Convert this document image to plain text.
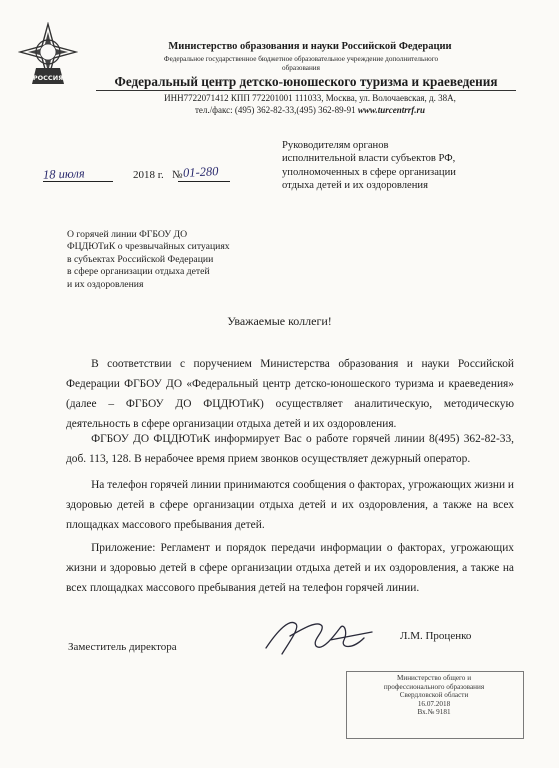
РОССИЯ
Министерство образования и науки Российской Федерации
Федеральное государственное бюджетное образовательное учреждение дополнительного
образования
Федеральный центр детско-юношеского туризма и краеведения
ИНН7722071412 КПП 772201001 111033, Москва, ул. Волочаевская, д. 38А,
тел./факс: (495) 362-82-33,(495) 362-89-91 www.turcentrrf.ru
Руководителям органов
исполнительной власти субъектов РФ,
уполномоченных в сфере организации
отдыха детей и их оздоровления
18 июля	2018 г. № 01-280
О горячей линии ФГБОУ ДО
ФЦДЮТиК о чрезвычайных ситуациях
в субъектах Российской Федерации
в сфере организации отдыха детей
и их оздоровления
Уважаемые коллеги!

В соответствии с поручением Министерства образования и науки Российской Федерации ФГБОУ ДО «Федеральный центр детско-юношеского туризма и краеведения» (далее – ФГБОУ ДО ФЦДЮТиК) осуществляет аналитическую, методическую деятельность в сфере организации отдыха детей и их оздоровления.

ФГБОУ ДО ФЦДЮТиК информирует Вас о работе горячей линии 8(495) 362-82-33, доб. 113, 128. В нерабочее время прием звонков осуществляет дежурный оператор.

На телефон горячей линии принимаются сообщения о факторах, угрожающих жизни и здоровью детей в сфере организации отдыха детей и их оздоровления, а также на всех площадках массового пребывания детей.

Приложение: Регламент и порядок передачи информации о факторах, угрожающих жизни и здоровью детей в сфере организации отдыха детей и их оздоровления, а также на всех площадках массового пребывания детей на телефон горячей линии.

Заместитель директора
Л.М. Проценко
Министерство общего и
профессионального образования
Свердловской области
16.07.2018
Вх.№ 9181
